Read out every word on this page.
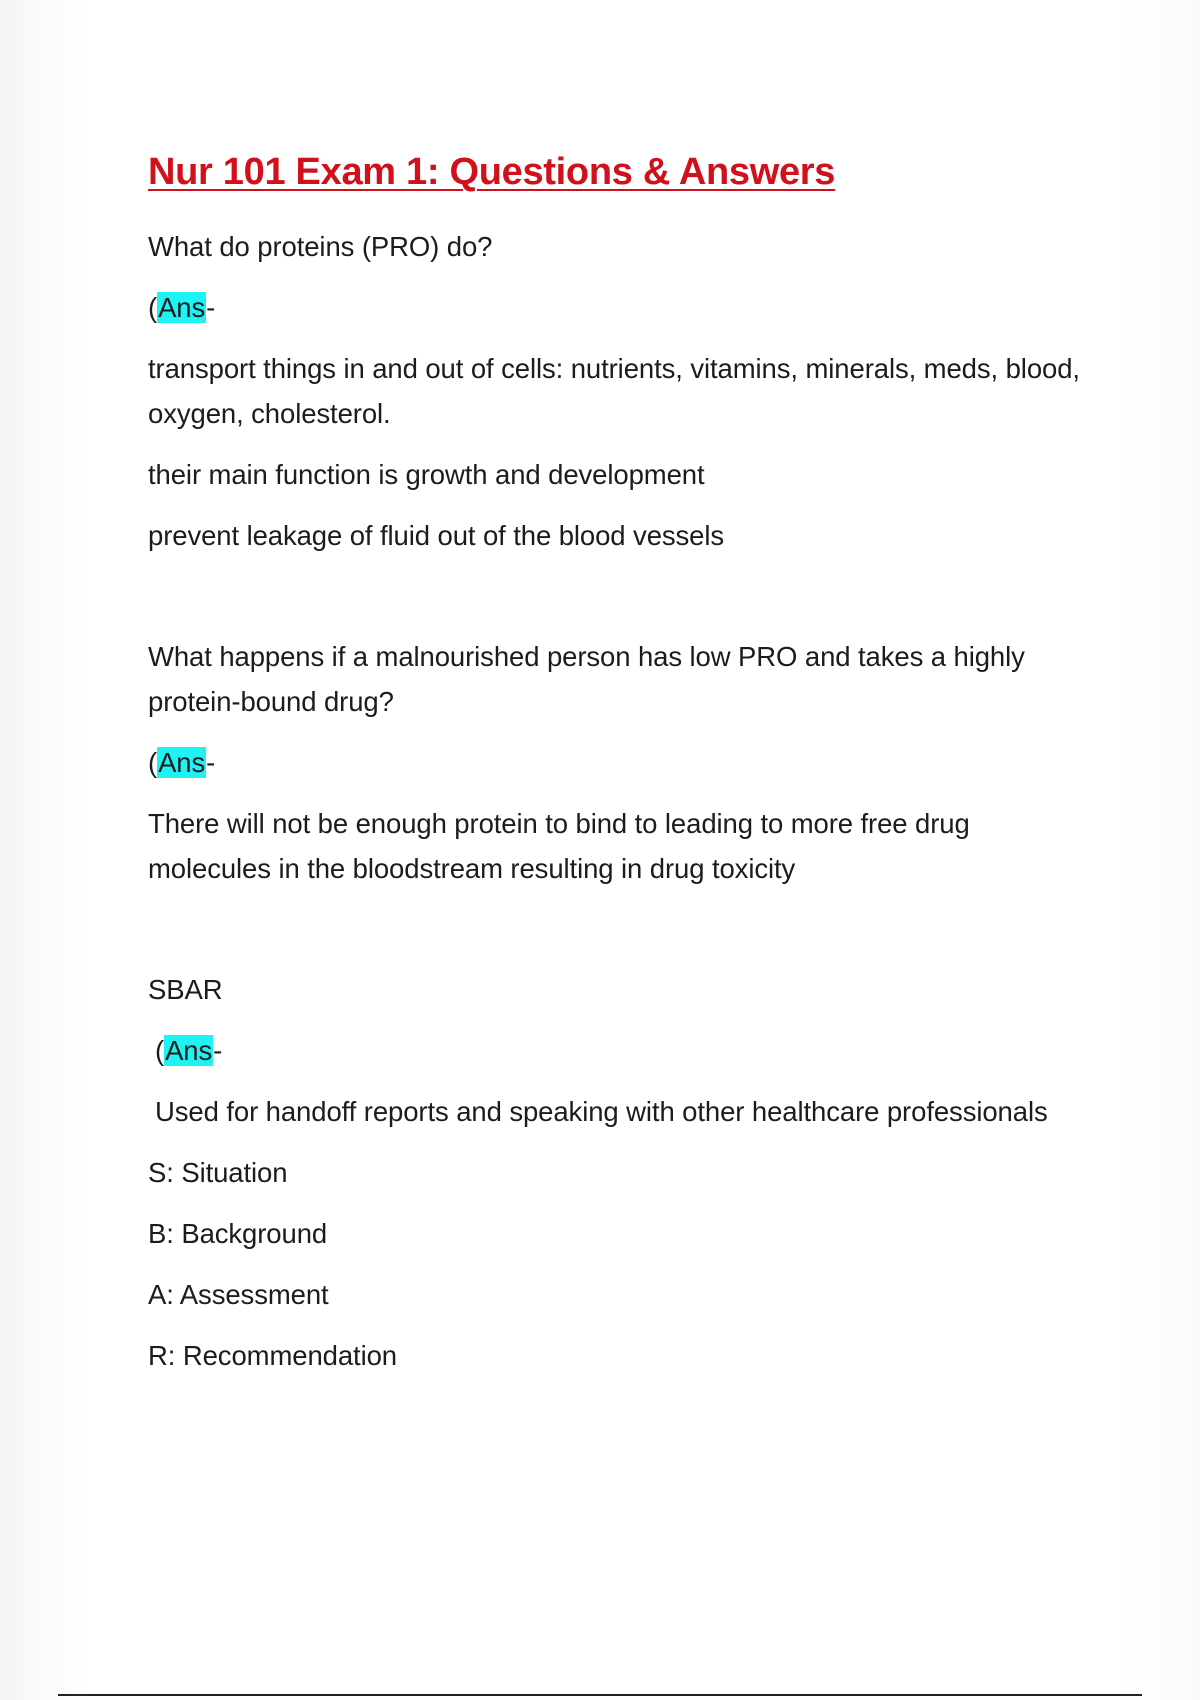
Nur 101 Exam 1: Questions & Answers

What do proteins (PRO) do?

(Ans-

transport things in and out of cells: nutrients, vitamins, minerals, meds, blood, oxygen, cholesterol.

their main function is growth and development

prevent leakage of fluid out of the blood vessels

What happens if a malnourished person has low PRO and takes a highly protein-bound drug?

(Ans-

There will not be enough protein to bind to leading to more free drug molecules in the bloodstream resulting in drug toxicity

SBAR

(Ans-

Used for handoff reports and speaking with other healthcare professionals

S: Situation

B: Background

A: Assessment

R: Recommendation
